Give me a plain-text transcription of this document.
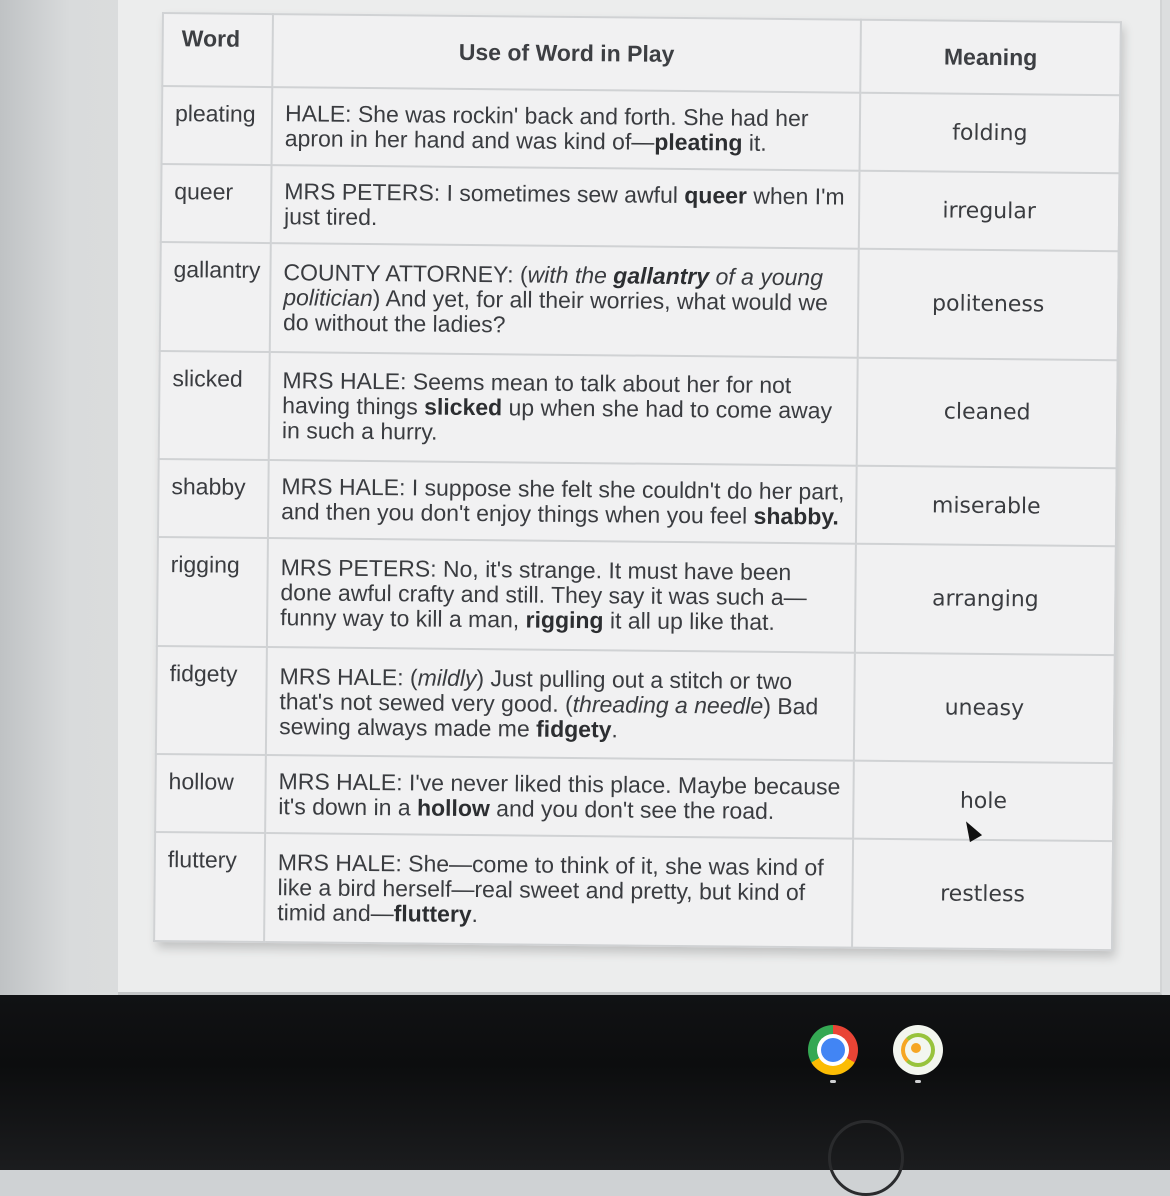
Word	Use of Word in Play	Meaning
pleating	HALE: She was rockin' back and forth. She had her apron in her hand and was kind of—pleating it.	folding
queer	MRS PETERS: I sometimes sew awful queer when I'm just tired.	irregular
gallantry	COUNTY ATTORNEY: (with the gallantry of a young politician) And yet, for all their worries, what would we do without the ladies?	politeness
slicked	MRS HALE: Seems mean to talk about her for not having things slicked up when she had to come away in such a hurry.	cleaned
shabby	MRS HALE: I suppose she felt she couldn't do her part, and then you don't enjoy things when you feel shabby.	miserable
rigging	MRS PETERS: No, it's strange. It must have been done awful crafty and still. They say it was such a—funny way to kill a man, rigging it all up like that.	arranging
fidgety	MRS HALE: (mildly) Just pulling out a stitch or two that's not sewed very good. (threading a needle) Bad sewing always made me fidgety.	uneasy
hollow	MRS HALE: I've never liked this place. Maybe because it's down in a hollow and you don't see the road.	hole
fluttery	MRS HALE: She—come to think of it, she was kind of like a bird herself—real sweet and pretty, but kind of timid and—fluttery.	restless
